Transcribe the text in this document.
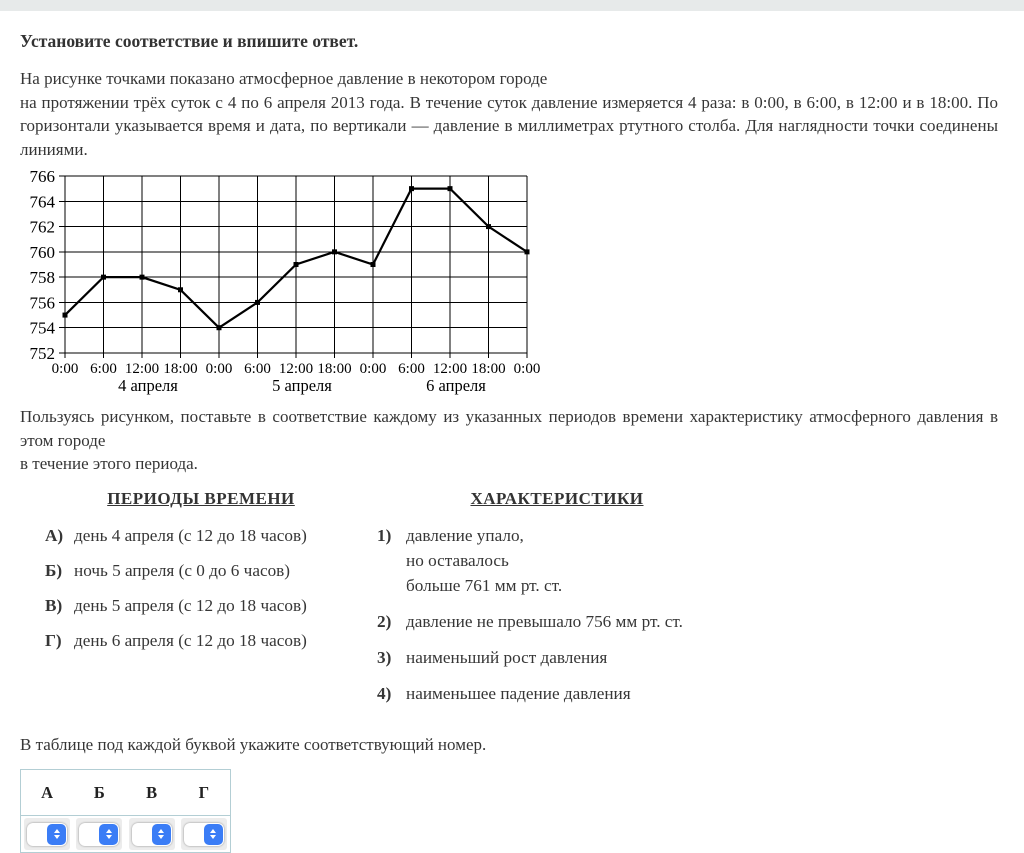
Установите соответствие и впишите ответ.

На рисунке точками показано атмосферное давление в некотором городе
на протяжении трёх суток с 4 по 6 апреля 2013 года. В течение суток давление измеряется 4 раза: в 0:00, в 6:00, в 12:00 и в 18:00. По горизонтали указывается время и дата, по вертикали — давление в миллиметрах ртутного столба. Для наглядности точки соединены линиями.

752
754
756
758
760
762
764
766
0:00 6:00 12:00 18:00 0:00 6:00 12:00 18:00 0:00 6:00 12:00 18:00 0:00
4 апреля	5 апреля	6 апреля

Пользуясь рисунком, поставьте в соответствие каждому из указанных периодов времени характеристику атмосферного давления в этом городе
в течение этого периода.

ПЕРИОДЫ ВРЕМЕНИ
А) день 4 апреля (с 12 до 18 часов)
Б) ночь 5 апреля (с 0 до 6 часов)
В) день 5 апреля (с 12 до 18 часов)
Г) день 6 апреля (с 12 до 18 часов)
ХАРАКТЕРИСТИКИ
1) давление упало,
но оставалось
больше 761 мм рт. ст.
2) давление не превышало 756 мм рт. ст.
3) наименьший рост давления
4) наименьшее падение давления

В таблице под каждой буквой укажите соответствующий номер.

А	Б	В	Г
